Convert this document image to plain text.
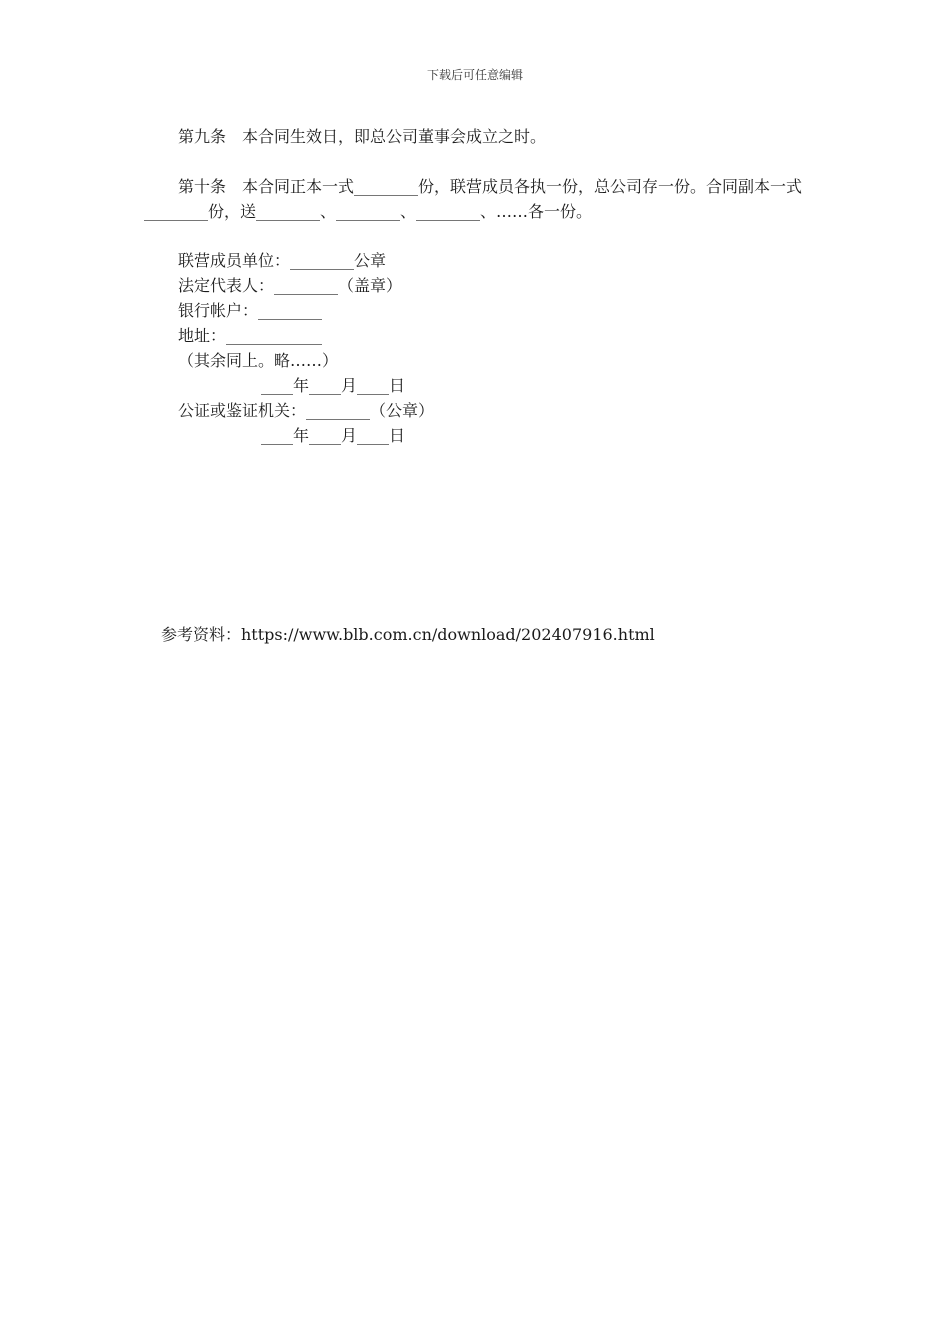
下载后可任意编辑
第九条　本合同生效日，即总公司董事会成立之时。
第十条　本合同正本一式________份，联营成员各执一份，总公司存一份。合同副本一式________份，送________、________、________、……各一份。
联营成员单位：________公章
法定代表人：________（盖章）
银行帐户：________
地址：____________
（其余同上。略……）
____年____月____日
公证或鉴证机关：________（公章）
____年____月____日
参考资料：https://www.blb.com.cn/download/202407916.html
